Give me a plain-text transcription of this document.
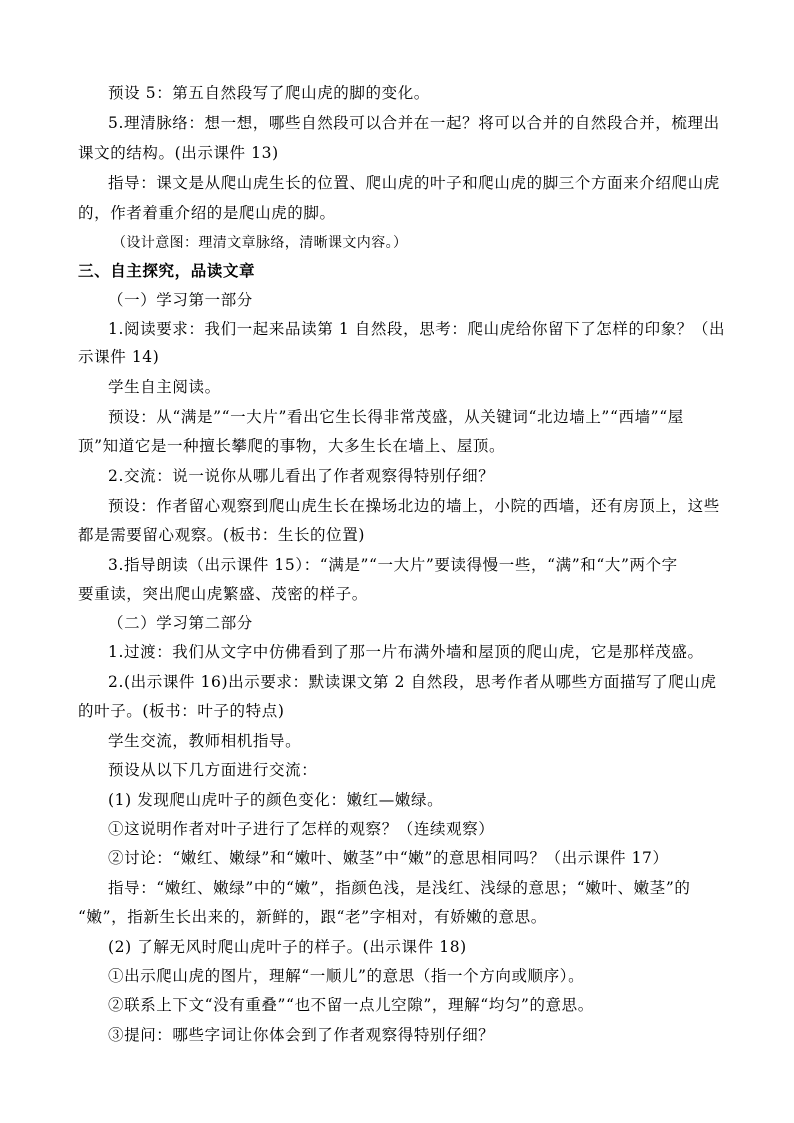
预设 5：第五自然段写了爬山虎的脚的变化。
5.理清脉络：想一想，哪些自然段可以合并在一起？将可以合并的自然段合并，梳理出
课文的结构。(出示课件 13)
指导：课文是从爬山虎生长的位置、爬山虎的叶子和爬山虎的脚三个方面来介绍爬山虎
的，作者着重介绍的是爬山虎的脚。
（设计意图：理清文章脉络，清晰课文内容。）
三、自主探究，品读文章
（一）学习第一部分
1.阅读要求：我们一起来品读第 1 自然段，思考：爬山虎给你留下了怎样的印象？（出
示课件 14)
学生自主阅读。
预设：从“满是”“一大片”看出它生长得非常茂盛，从关键词“北边墙上”“西墙”“屋
顶”知道它是一种擅长攀爬的事物，大多生长在墙上、屋顶。
2.交流：说一说你从哪儿看出了作者观察得特别仔细？
预设：作者留心观察到爬山虎生长在操场北边的墙上，小院的西墙，还有房顶上，这些
都是需要留心观察。(板书：生长的位置)
3.指导朗读（出示课件 15）：“满是”“一大片”要读得慢一些，“满”和“大”两个字
要重读，突出爬山虎繁盛、茂密的样子。
（二）学习第二部分
1.过渡：我们从文字中仿佛看到了那一片布满外墙和屋顶的爬山虎，它是那样茂盛。
2.(出示课件 16)出示要求：默读课文第 2 自然段，思考作者从哪些方面描写了爬山虎
的叶子。(板书：叶子的特点)
学生交流，教师相机指导。
预设从以下几方面进行交流：
(1) 发现爬山虎叶子的颜色变化：嫩红—嫩绿。
①这说明作者对叶子进行了怎样的观察？（连续观察）
②讨论：“嫩红、嫩绿”和“嫩叶、嫩茎”中“嫩”的意思相同吗？（出示课件 17）
指导：“嫩红、嫩绿”中的“嫩”，指颜色浅，是浅红、浅绿的意思；“嫩叶、嫩茎”的
“嫩”，指新生长出来的，新鲜的，跟“老”字相对，有娇嫩的意思。
(2) 了解无风时爬山虎叶子的样子。(出示课件 18)
①出示爬山虎的图片，理解“一顺儿”的意思（指一个方向或顺序）。
②联系上下文“没有重叠”“也不留一点儿空隙”，理解“均匀”的意思。
③提问：哪些字词让你体会到了作者观察得特别仔细？
